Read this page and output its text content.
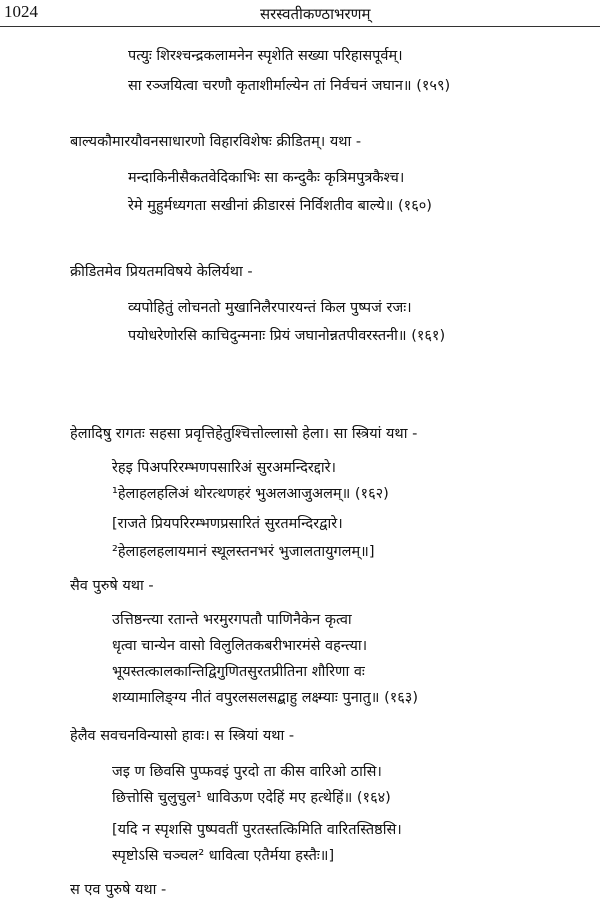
1024	सरस्वतीकण्ठाभरणम्
पत्युः शिरश्चन्द्रकलामनेन स्पृशेति सख्या परिहासपूर्वम्।
सा रञ्जयित्वा चरणौ कृताशीर्माल्येन तां निर्वचनं जघान॥ (१५९)
बाल्यकौमारयौवनसाधारणो विहारविशेषः क्रीडितम्। यथा -
मन्दाकिनीसैकतवेदिकाभिः सा कन्दुकैः कृत्रिमपुत्रकैश्च।
रेमे मुहुर्मध्यगता सखीनां क्रीडारसं निर्विशतीव बाल्ये॥ (१६०)
क्रीडितमेव प्रियतमविषये केलिर्यथा -
व्यपोहितुं लोचनतो मुखानिलैरपारयन्तं किल पुष्पजं रजः।
पयोधरेणोरसि काचिदुन्मनाः प्रियं जघानोन्नतपीवरस्तनी॥ (१६१)
हेलादिषु रागतः सहसा प्रवृत्तिहेतुश्चित्तोल्लासो हेला। सा स्त्रियां यथा -
रेहइ पिअपरिरम्भणपसारिअं सुरअमन्दिरद्दारे।
¹हेलाहलहलिअं थोरत्थणहरं भुअलआजुअलम्॥ (१६२)
[राजते प्रियपरिरम्भणप्रसारितं सुरतमन्दिरद्वारे।
²हेलाहलहलायमानं स्थूलस्तनभरं भुजालतायुगलम्॥]
सैव पुरुषे यथा -
उत्तिष्ठन्त्या रतान्ते भरमुरगपतौ पाणिनैकेन कृत्वा
धृत्वा चान्येन वासो विलुलितकबरीभारमंसे वहन्त्या।
भूयस्तत्कालकान्तिद्विगुणितसुरतप्रीतिना शौरिणा वः
शय्यामालिङ्ग्य नीतं वपुरलसलसद्बाहु लक्ष्म्याः पुनातु॥ (१६३)
हेलैव सवचनविन्यासो हावः। स स्त्रियां यथा -
जइ ण छिवसि पुप्फवइं पुरदो ता कीस वारिओ ठासि।
छित्तोसि चुलुचुल¹ धाविऊण एदेहिं मए हत्थेहिं॥ (१६४)
[यदि न स्पृशसि पुष्पवतीं पुरतस्तत्किमिति वारितस्तिष्ठसि।
स्पृष्टोऽसि चञ्चल² धावित्वा एतैर्मया हस्तैः॥]
स एव पुरुषे यथा -
